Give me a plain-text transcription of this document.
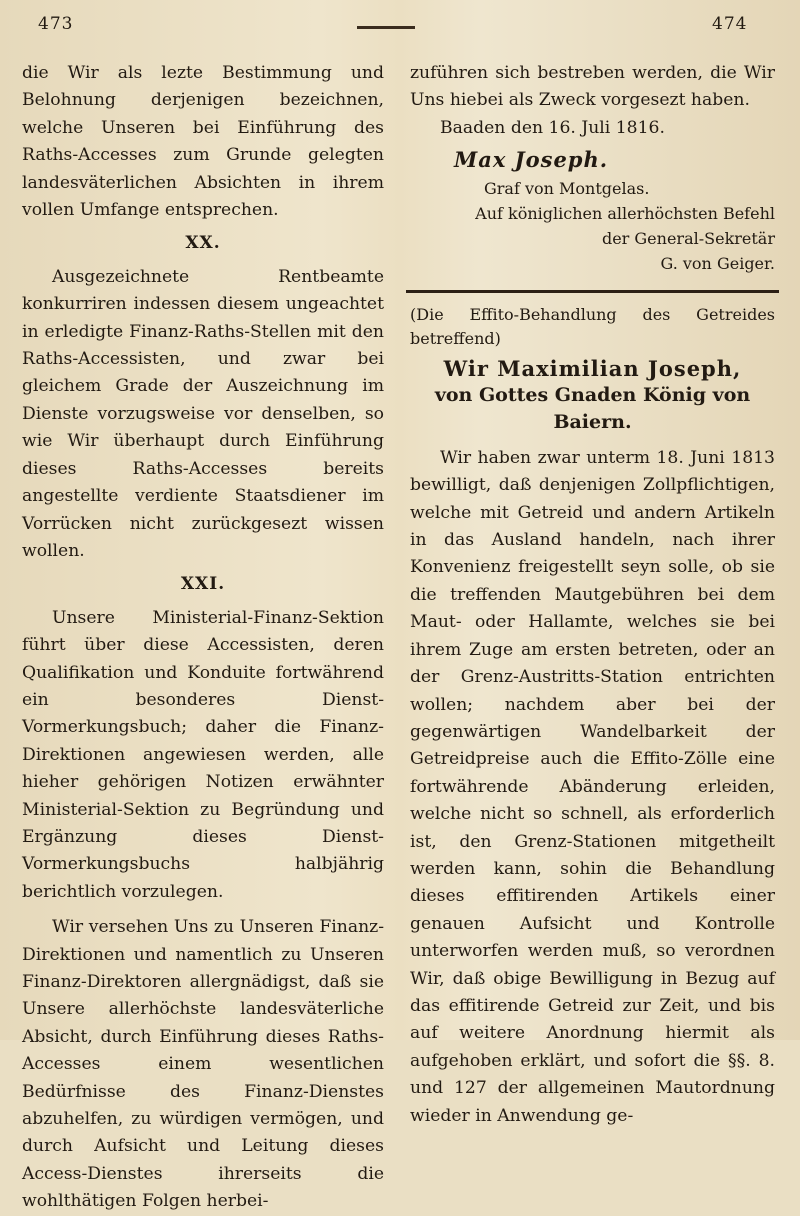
473	474

die Wir als lezte Bestimmung und Belohnung derjenigen bezeichnen, welche Unseren bei Einführung des Raths-Accesses zum Grunde gelegten landesväterlichen Absichten in ihrem vollen Umfange entsprechen.

XX.

Ausgezeichnete Rentbeamte konkurriren indessen diesem ungeachtet in erledigte Finanz-Raths-Stellen mit den Raths-Accessisten, und zwar bei gleichem Grade der Auszeichnung im Dienste vorzugsweise vor denselben, so wie Wir überhaupt durch Einführung dieses Raths-Accesses bereits angestellte verdiente Staatsdiener im Vorrücken nicht zurückgesezt wissen wollen.

XXI.

Unsere Ministerial-Finanz-Sektion führt über diese Accessisten, deren Qualifikation und Konduite fortwährend ein besonderes Dienst-Vormerkungsbuch; daher die Finanz-Direktionen angewiesen werden, alle hieher gehörigen Notizen erwähnter Ministerial-Sektion zu Begründung und Ergänzung dieses Dienst-Vormerkungsbuchs halbjährig berichtlich vorzulegen.

Wir versehen Uns zu Unseren Finanz-Direktionen und namentlich zu Unseren Finanz-Direktoren allergnädigst, daß sie Unsere allerhöchste landesväterliche Absicht, durch Einführung dieses Raths-Accesses einem wesentlichen Bedürfnisse des Finanz-Dienstes abzuhelfen, zu würdigen vermögen, und durch Aufsicht und Leitung dieses Access-Dienstes ihrerseits die wohlthätigen Folgen herbei-

zuführen sich bestreben werden, die Wir Uns hiebei als Zweck vorgesezt haben.

Baaden den 16. Juli 1816.

Max Joseph.
Graf von Montgelas.
Auf königlichen allerhöchsten Befehl
der General-Sekretär
G. von Geiger.

(Die Effito-Behandlung des Getreides betreffend)

Wir Maximilian Joseph,
von Gottes Gnaden König von Baiern.

Wir haben zwar unterm 18. Juni 1813 bewilligt, daß denjenigen Zollpflichtigen, welche mit Getreid und andern Artikeln in das Ausland handeln, nach ihrer Konvenienz freigestellt seyn solle, ob sie die treffenden Mautgebühren bei dem Maut- oder Hallamte, welches sie bei ihrem Zuge am ersten betreten, oder an der Grenz-Austritts-Station entrichten wollen; nachdem aber bei der gegenwärtigen Wandelbarkeit der Getreidpreise auch die Effito-Zölle eine fortwährende Abänderung erleiden, welche nicht so schnell, als erforderlich ist, den Grenz-Stationen mitgetheilt werden kann, sohin die Behandlung dieses effitirenden Artikels einer genauen Aufsicht und Kontrolle unterworfen werden muß, so verordnen Wir, daß obige Bewilligung in Bezug auf das effitirende Getreid zur Zeit, und bis auf weitere Anordnung hiermit als aufgehoben erklärt, und sofort die §§. 8. und 127 der allgemeinen Mautordnung wieder in Anwendung ge-
